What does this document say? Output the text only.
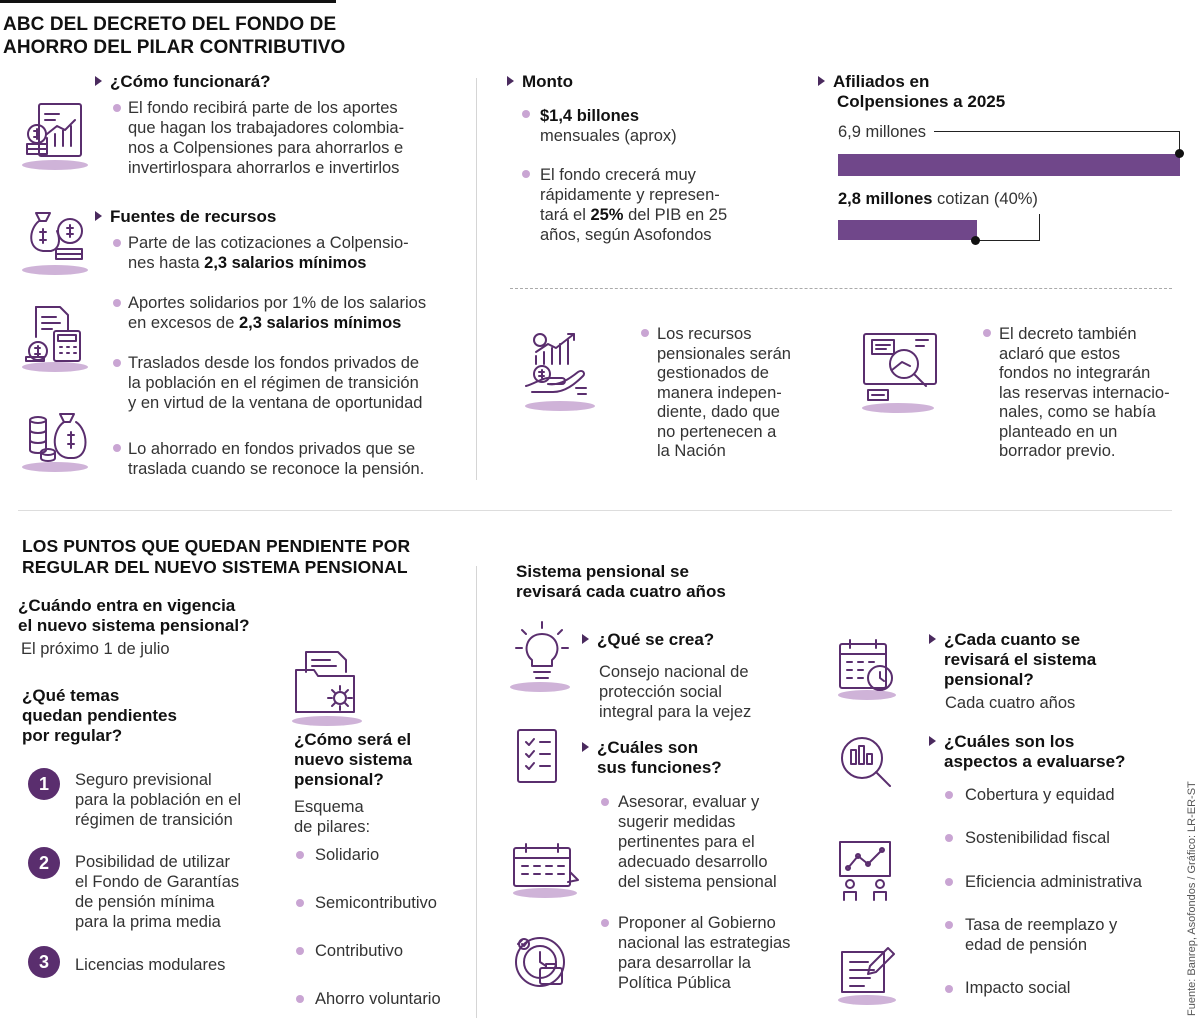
ABC DEL DECRETO DEL FONDO DE
AHORRO DEL PILAR CONTRIBUTIVO
¿Cómo funcionará?
El fondo recibirá parte de los aportes
que hagan los trabajadores colombia-
nos a Colpensiones para ahorrarlos e
invertirlospara ahorrarlos e invertirlos
Fuentes de recursos
Parte de las cotizaciones a Colpensio-
nes hasta 2,3 salarios mínimos
Aportes solidarios por 1% de los salarios
en excesos de 2,3 salarios mínimos
Traslados desde los fondos privados de
la población en el régimen de transición
y en virtud de la ventana de oportunidad
Lo ahorrado en fondos privados que se
traslada cuando se reconoce la pensión.
Monto
$1,4 billones
mensuales (aprox)
El fondo crecerá muy
rápidamente y represen-
tará el 25% del PIB en 25
años, según Asofondos
Afiliados en
Colpensiones a 2025
6,9 millones
2,8 millones cotizan (40%)
Los recursos
pensionales serán
gestionados de
manera indepen-
diente, dado que
no pertenecen a
la Nación
El decreto también
aclaró que estos
fondos no integrarán
las reservas internacio-
nales, como se había
planteado en un
borrador previo.
LOS PUNTOS QUE QUEDAN PENDIENTE POR
REGULAR DEL NUEVO SISTEMA PENSIONAL
¿Cuándo entra en vigencia
el nuevo sistema pensional?
El próximo 1 de julio
¿Qué temas
quedan pendientes
por regular?
1	Seguro previsional
para la población en el
régimen de transición
2	Posibilidad de utilizar
el Fondo de Garantías
de pensión mínima
para la prima media
3	Licencias modulares
¿Cómo será el
nuevo sistema
pensional?
Esquema
de pilares:
Solidario
Semicontributivo
Contributivo
Ahorro voluntario
Sistema pensional se
revisará cada cuatro años
¿Qué se crea?
Consejo nacional de
protección social
integral para la vejez
¿Cuáles son
sus funciones?
Asesorar, evaluar y
sugerir medidas
pertinentes para el
adecuado desarrollo
del sistema pensional
Proponer al Gobierno
nacional las estrategias
para desarrollar la
Política Pública
¿Cada cuanto se
revisará el sistema
pensional?
Cada cuatro años
¿Cuáles son los
aspectos a evaluarse?
Cobertura y equidad
Sostenibilidad fiscal
Eficiencia administrativa
Tasa de reemplazo y
edad de pensión
Impacto social	Fuente: Banrep, Asofondos / Gráfico: LR-ER-ST
